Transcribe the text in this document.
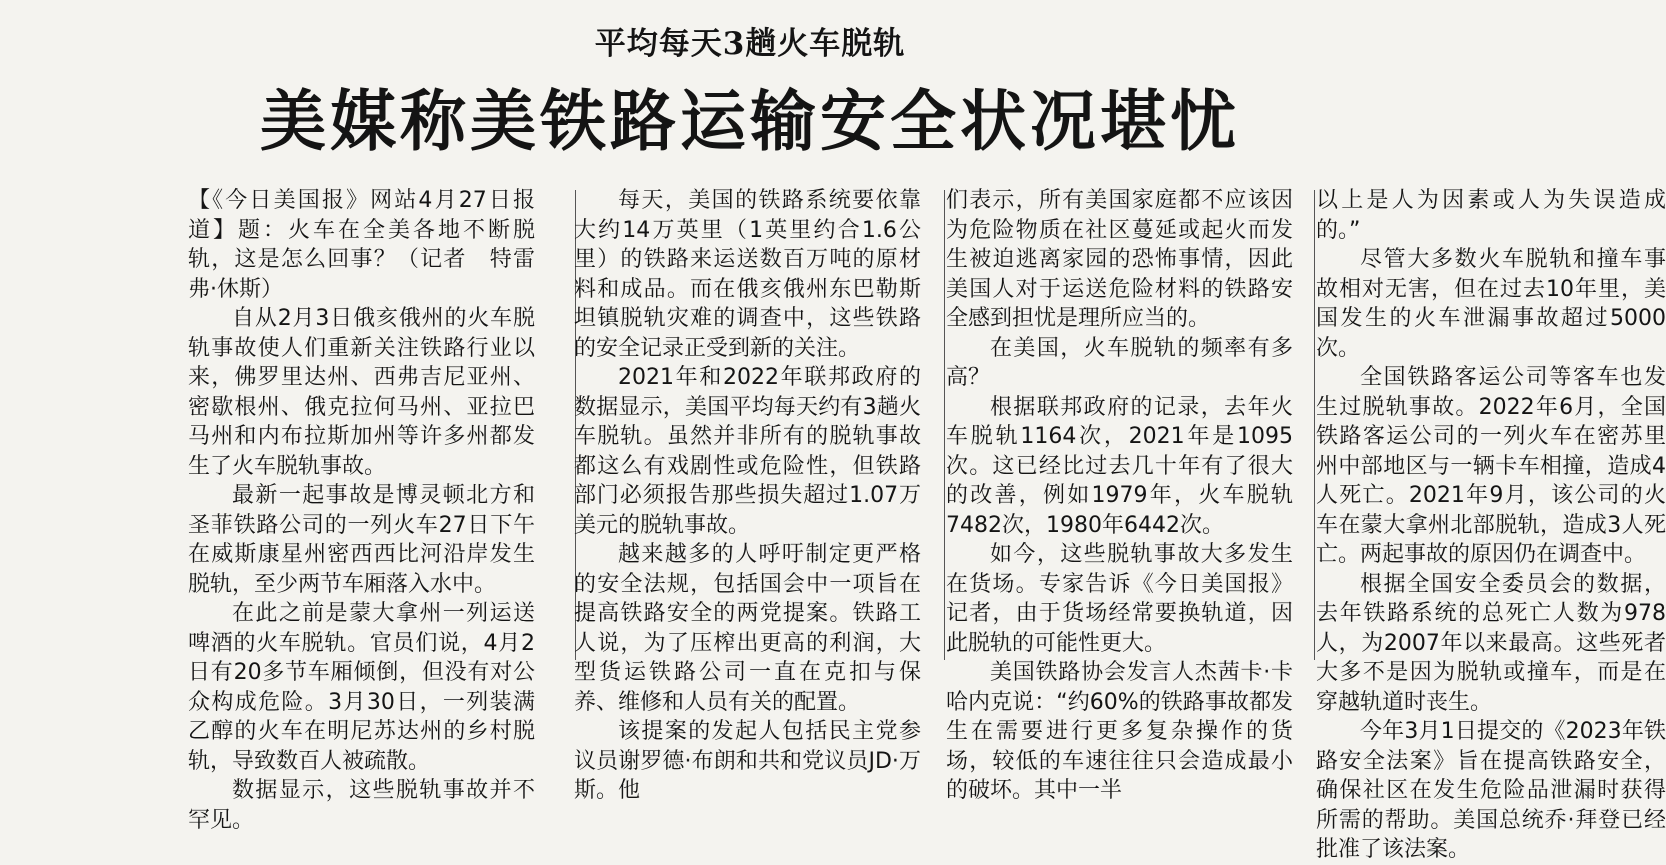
平均每天3趟火车脱轨
美媒称美铁路运输安全状况堪忧

【《今日美国报》网站4月27日报道】题：火车在全美各地不断脱轨，这是怎么回事？（记者　特雷弗·休斯）

自从2月3日俄亥俄州的火车脱轨事故使人们重新关注铁路行业以来，佛罗里达州、西弗吉尼亚州、密歇根州、俄克拉何马州、亚拉巴马州和内布拉斯加州等许多州都发生了火车脱轨事故。

最新一起事故是博灵顿北方和圣菲铁路公司的一列火车27日下午在威斯康星州密西西比河沿岸发生脱轨，至少两节车厢落入水中。

在此之前是蒙大拿州一列运送啤酒的火车脱轨。官员们说，4月2日有20多节车厢倾倒，但没有对公众构成危险。3月30日，一列装满乙醇的火车在明尼苏达州的乡村脱轨，导致数百人被疏散。

数据显示，这些脱轨事故并不罕见。

每天，美国的铁路系统要依靠大约14万英里（1英里约合1.6公里）的铁路来运送数百万吨的原材料和成品。而在俄亥俄州东巴勒斯坦镇脱轨灾难的调查中，这些铁路的安全记录正受到新的关注。

2021年和2022年联邦政府的数据显示，美国平均每天约有3趟火车脱轨。虽然并非所有的脱轨事故都这么有戏剧性或危险性，但铁路部门必须报告那些损失超过1.07万美元的脱轨事故。

越来越多的人呼吁制定更严格的安全法规，包括国会中一项旨在提高铁路安全的两党提案。铁路工人说，为了压榨出更高的利润，大型货运铁路公司一直在克扣与保养、维修和人员有关的配置。

该提案的发起人包括民主党参议员谢罗德·布朗和共和党议员JD·万斯。他

们表示，所有美国家庭都不应该因为危险物质在社区蔓延或起火而发生被迫逃离家园的恐怖事情，因此美国人对于运送危险材料的铁路安全感到担忧是理所应当的。

在美国，火车脱轨的频率有多高？

根据联邦政府的记录，去年火车脱轨1164次，2021年是1095次。这已经比过去几十年有了很大的改善，例如1979年，火车脱轨7482次，1980年6442次。

如今，这些脱轨事故大多发生在货场。专家告诉《今日美国报》记者，由于货场经常要换轨道，因此脱轨的可能性更大。

美国铁路协会发言人杰茜卡·卡哈内克说：“约60%的铁路事故都发生在需要进行更多复杂操作的货场，较低的车速往往只会造成最小的破坏。其中一半

以上是人为因素或人为失误造成的。”

尽管大多数火车脱轨和撞车事故相对无害，但在过去10年里，美国发生的火车泄漏事故超过5000次。

全国铁路客运公司等客车也发生过脱轨事故。2022年6月，全国铁路客运公司的一列火车在密苏里州中部地区与一辆卡车相撞，造成4人死亡。2021年9月，该公司的火车在蒙大拿州北部脱轨，造成3人死亡。两起事故的原因仍在调查中。

根据全国安全委员会的数据，去年铁路系统的总死亡人数为978人，为2007年以来最高。这些死者大多不是因为脱轨或撞车，而是在穿越轨道时丧生。

今年3月1日提交的《2023年铁路安全法案》旨在提高铁路安全，确保社区在发生危险品泄漏时获得所需的帮助。美国总统乔·拜登已经批准了该法案。
